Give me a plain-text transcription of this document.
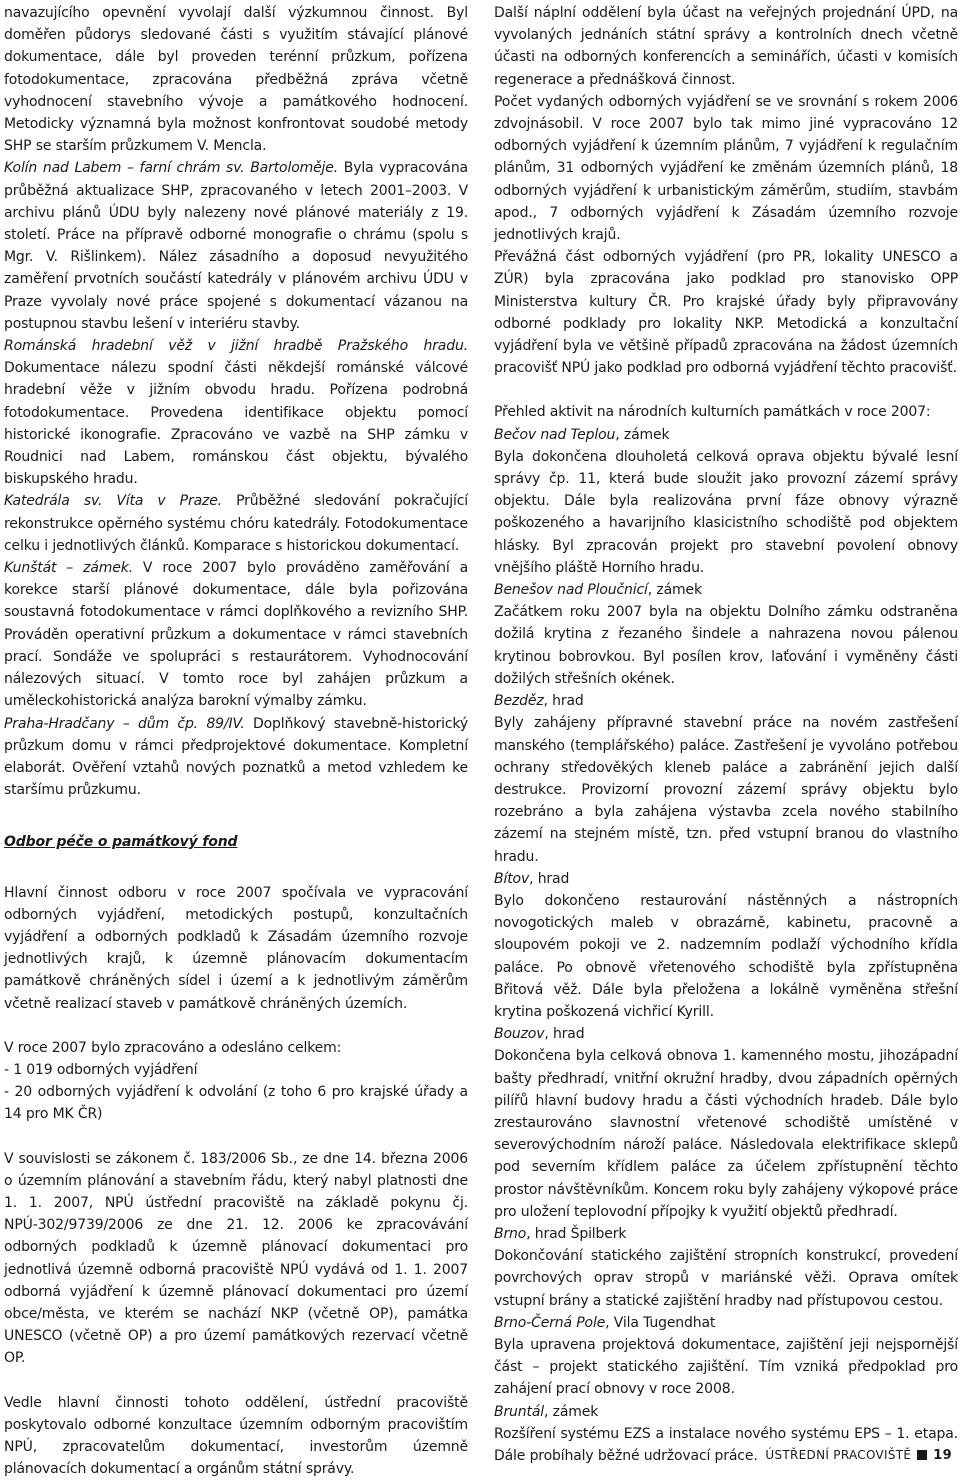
navazujícího opevnění vyvolají další výzkumnou činnost. Byl doměřen půdorys sledované části s využitím stávající plánové dokumentace, dále byl proveden terénní průzkum, pořízena fotodokumentace, zpracována předběžná zpráva včetně vyhodnocení stavebního vývoje a památkového hodnocení. Metodicky významná byla možnost konfrontovat soudobé metody SHP se starším průzkumem V. Mencla.

Kolín nad Labem – farní chrám sv. Bartoloměje. Byla vypracována průběžná aktualizace SHP, zpracovaného v letech 2001–2003. V archivu plánů ÚDU byly nalezeny nové plánové materiály z 19. století. Práce na přípravě odborné monografie o chrámu (spolu s Mgr. V. Rišlinkem). Nález zásadního a doposud nevyužitého zaměření prvotních součástí katedrály v plánovém archivu ÚDU v Praze vyvolaly nové práce spojené s dokumentací vázanou na postupnou stavbu lešení v interiéru stavby.

Románská hradební věž v jižní hradbě Pražského hradu. Dokumentace nálezu spodní části někdejší románské válcové hradební věže v jižním obvodu hradu. Pořízena podrobná fotodokumentace. Provedena identifikace objektu pomocí historické ikonografie. Zpracováno ve vazbě na SHP zámku v Roudnici nad Labem, románskou část objektu, bývalého biskupského hradu.

Katedrála sv. Víta v Praze. Průběžné sledování pokračující rekonstrukce opěrného systému chóru katedrály. Fotodokumentace celku i jednotlivých článků. Komparace s historickou dokumentací.

Kunštát – zámek. V roce 2007 bylo prováděno zaměřování a korekce starší plánové dokumentace, dále byla pořizována soustavná fotodokumentace v rámci doplňkového a revizního SHP. Prováděn operativní průzkum a dokumentace v rámci stavebních prací. Sondáže ve spolupráci s restaurátorem. Vyhodnocování nálezových situací. V tomto roce byl zahájen průzkum a uměleckohistorická analýza barokní výmalby zámku.

Praha-Hradčany – dům čp. 89/IV. Doplňkový stavebně-historický průzkum domu v rámci předprojektové dokumentace. Kompletní elaborát. Ověření vztahů nových poznatků a metod vzhledem ke staršímu průzkumu.

Odbor péče o památkový fond

Hlavní činnost odboru v roce 2007 spočívala ve vypracování odborných vyjádření, metodických postupů, konzultačních vyjádření a odborných podkladů k Zásadám územního rozvoje jednotlivých krajů, k územně plánovacím dokumentacím památkově chráněných sídel i území a k jednotlivým záměrům včetně realizací staveb v památkově chráněných územích.

V roce 2007 bylo zpracováno a odesláno celkem:

- 1 019 odborných vyjádření

- 20 odborných vyjádření k odvolání (z toho 6 pro krajské úřady a 14 pro MK ČR)

V souvislosti se zákonem č. 183/2006 Sb., ze dne 14. března 2006 o územním plánování a stavebním řádu, který nabyl platnosti dne 1. 1. 2007, NPÚ ústřední pracoviště na základě pokynu čj. NPÚ-302/9739/2006 ze dne 21. 12. 2006 ke zpracovávání odborných podkladů k územně plánovací dokumentaci pro jednotlivá územně odborná pracoviště NPÚ vydává od 1. 1. 2007 odborná vyjádření k územně plánovací dokumentaci pro území obce/města, ve kterém se nachází NKP (včetně OP), památka UNESCO (včetně OP) a pro území památkových rezervací včetně OP.

Vedle hlavní činnosti tohoto oddělení, ústřední pracoviště poskytovalo odborné konzultace územním odborným pracovištím NPÚ, zpracovatelům dokumentací, investorům územně plánovacích dokumentací a orgánům státní správy.

Další náplní oddělení byla účast na veřejných projednání ÚPD, na vyvolaných jednáních státní správy a kontrolních dnech včetně účasti na odborných konferencích a seminářích, účasti v komisích regenerace a přednášková činnost.

Počet vydaných odborných vyjádření se ve srovnání s rokem 2006 zdvojnásobil. V roce 2007 bylo tak mimo jiné vypracováno 12 odborných vyjádření k územním plánům, 7 vyjádření k regulačním plánům, 31 odborných vyjádření ke změnám územních plánů, 18 odborných vyjádření k urbanistickým záměrům, studiím, stavbám apod., 7 odborných vyjádření k Zásadám územního rozvoje jednotlivých krajů.

Převážná část odborných vyjádření (pro PR, lokality UNESCO a ZÚR) byla zpracována jako podklad pro stanovisko OPP Ministerstva kultury ČR. Pro krajské úřady byly připravovány odborné podklady pro lokality NKP. Metodická a konzultační vyjádření byla ve většině případů zpracována na žádost územních pracovišť NPÚ jako podklad pro odborná vyjádření těchto pracovišť.

Přehled aktivit na národních kulturních památkách v roce 2007:

Bečov nad Teplou, zámek

Byla dokončena dlouholetá celková oprava objektu bývalé lesní správy čp. 11, která bude sloužit jako provozní zázemí správy objektu. Dále byla realizována první fáze obnovy výrazně poškozeného a havarijního klasicistního schodiště pod objektem hlásky. Byl zpracován projekt pro stavební povolení obnovy vnějšího pláště Horního hradu.

Benešov nad Ploučnicí, zámek

Začátkem roku 2007 byla na objektu Dolního zámku odstraněna dožilá krytina z řezaného šindele a nahrazena novou pálenou krytinou bobrovkou. Byl posílen krov, laťování i vyměněny části dožilých střešních okének.

Bezděz, hrad

Byly zahájeny přípravné stavební práce na novém zastřešení manského (templářského) paláce. Zastřešení je vyvoláno potřebou ochrany středověkých kleneb paláce a zabránění jejich další destrukce. Provizorní provozní zázemí správy objektu bylo rozebráno a byla zahájena výstavba zcela nového stabilního zázemí na stejném místě, tzn. před vstupní branou do vlastního hradu.

Bítov, hrad

Bylo dokončeno restaurování nástěnných a nástropních novogotických maleb v obrazárně, kabinetu, pracovně a sloupovém pokoji ve 2. nadzemním podlaží východního křídla paláce. Po obnově vřetenového schodiště byla zpřístupněna Břitová věž. Dále byla přeložena a lokálně vyměněna střešní krytina poškozená vichřicí Kyrill.

Bouzov, hrad

Dokončena byla celková obnova 1. kamenného mostu, jihozápadní bašty předhradí, vnitřní okružní hradby, dvou západních opěrných pilířů hlavní budovy hradu a části východních hradeb. Dále bylo zrestaurováno slavnostní vřetenové schodiště umístěné v severovýchodním nároží paláce. Následovala elektrifikace sklepů pod severním křídlem paláce za účelem zpřístupnění těchto prostor návštěvníkům. Koncem roku byly zahájeny výkopové práce pro uložení teplovodní přípojky k využití objektů předhradí.

Brno, hrad Špilberk

Dokončování statického zajištění stropních konstrukcí, provedení povrchových oprav stropů v mariánské věži. Oprava omítek vstupní brány a statické zajištění hradby nad přístupovou cestou.

Brno-Černá Pole, Vila Tugendhat

Byla upravena projektová dokumentace, zajištění jeji nejspornější část – projekt statického zajištění. Tím vzniká předpoklad pro zahájení prací obnovy v roce 2008.

Bruntál, zámek

Rozšíření systému EZS a instalace nového systému EPS – 1. etapa. Dále probíhaly běžné udržovací práce. ÚSTŘEDNÍ PRACOVIŠTĚ 19
